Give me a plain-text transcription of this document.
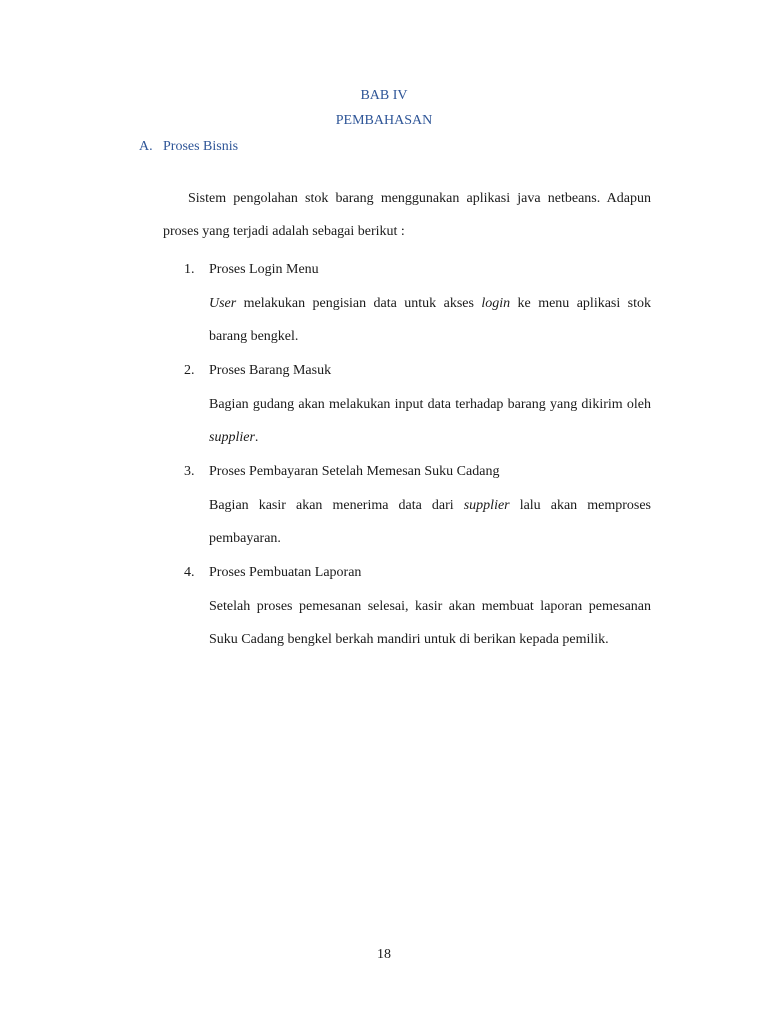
BAB IV
PEMBAHASAN
A. Proses Bisnis

Sistem pengolahan stok barang menggunakan aplikasi java netbeans. Adapun proses yang terjadi adalah sebagai berikut :

1. Proses Login Menu

User melakukan pengisian data untuk akses login ke menu aplikasi stok barang bengkel.

2. Proses Barang Masuk

Bagian gudang akan melakukan input data terhadap barang yang dikirim oleh supplier.

3. Proses Pembayaran Setelah Memesan Suku Cadang

Bagian kasir akan menerima data dari supplier lalu akan memproses pembayaran.

4. Proses Pembuatan Laporan

Setelah proses pemesanan selesai, kasir akan membuat laporan pemesanan Suku Cadang bengkel berkah mandiri untuk di berikan kepada pemilik.

18
